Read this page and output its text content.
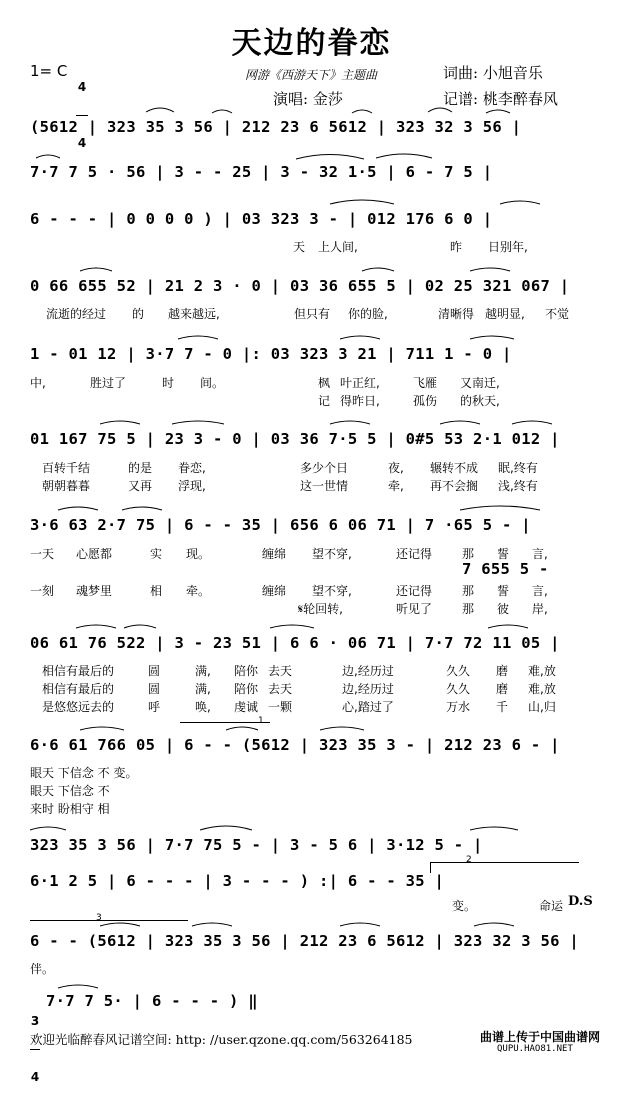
天边的眷恋
1= C

4

4

网游《西游天下》主题曲	词曲: 小旭音乐
演唱: 金莎	记谱: 桃李醉春风
(5612 | 323 35 3 56 | 212 23 6 5612 | 323 32 3 56 |
7·7 7 5 · 56 | 3 - - 25 | 3 - 32 1·5 | 6 - 7 5 |
6 - - - | 0 0 0 0 ) | 03 323 3 - | 012 176 6 0 |
天 上人间,	昨 日别年,
0 66 655 52 | 21 2 3 · 0 | 03 36 655 5 | 02 25 321 067 |
流逝的经过 的 越来越远,	但只有 你的脸,	清晰得 越明显, 不觉
1 - 01 12 | 3·7 7 - 0 |: 03 323 3 21 | 711 1 - 0 |
中,	胜过了	时 间。	枫 叶正红,	飞雁 又南迁,
记 得昨日,	孤伤 的秋天,
01 167 75 5 | 23 3 - 0 | 03 36 7·5 5 | 0#5 53 2·1 012 |
百转千结	的是 眷恋,	多少个日	夜, 辗转不成 眠,终有
朝朝暮暮	又再 浮现,	这一世情	牵, 再不会搁 浅,终有
3·6 63 2·7 75 | 6 - - 35 | 656 6 06 71 | 7 ·65 5 - |
一天 心愿都	实 现。	缠绵 望不穿,	还记得 那 誓 言,
7 655 5 -
一刻 魂梦里	相 牵。	缠绵 望不穿,	还记得 那 誓 言,
𝄋轮回转,	听见了 那 彼 岸,
06 61 76 522 | 3 - 23 51 | 6 6 · 06 71 | 7·7 72 11 05 |
相信有最后的	圆	满, 陪你 去天	边,经历过	久久 磨 难,放
相信有最后的	圆	满, 陪你 去天	边,经历过	久久 磨 难,放
是悠悠远去的	呼	唤, 虔诚 一颗	心,踏过了	万水 千 山,归
1
6·6 61 766 05 | 6 - - (5612 | 323 35 3 - | 212 23 6 - |
眼天 下信念 不 变。
眼天 下信念 不
来时 盼相守 相
323 35 3 56 | 7·7 75 5 - | 3 - 5 6 | 3·12 5 - |
2
6·1 2 5 | 6 - - - | 3 - - - ) :| 6 - - 35 |
变。	命运 D.S
3
6 - - (5612 | 323 35 3 56 | 212 23 6 5612 | 323 32 3 56 |
伴。

3

4

7·7 7 5· | 6 - - - ) ‖
欢迎光临醉春风记谱空间: http: //user.qzone.qq.com/563264185	曲谱上传于中国曲谱网
QUPU.HAO81.NET
